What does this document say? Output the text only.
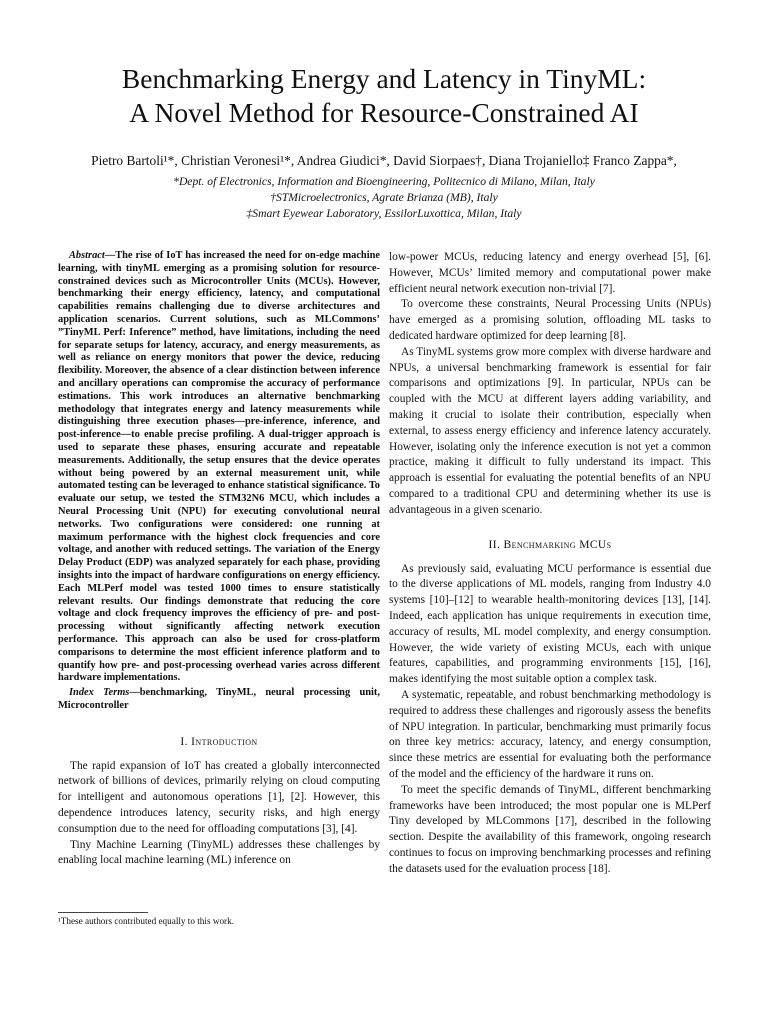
Benchmarking Energy and Latency in TinyML:
A Novel Method for Resource-Constrained AI

Pietro Bartoli¹*, Christian Veronesi¹*, Andrea Giudici*, David Siorpaes†, Diana Trojaniello‡ Franco Zappa*,

*Dept. of Electronics, Information and Bioengineering, Politecnico di Milano, Milan, Italy
†STMicroelectronics, Agrate Brianza (MB), Italy
‡Smart Eyewear Laboratory, EssilorLuxottica, Milan, Italy

Abstract—The rise of IoT has increased the need for on-edge machine learning, with tinyML emerging as a promising solution for resource-constrained devices such as Microcontroller Units (MCUs). However, benchmarking their energy efficiency, latency, and computational capabilities remains challenging due to diverse architectures and application scenarios. Current solutions, such as MLCommons’ ”TinyML Perf: Inference” method, have limitations, including the need for separate setups for latency, accuracy, and energy measurements, as well as reliance on energy monitors that power the device, reducing flexibility. Moreover, the absence of a clear distinction between inference and ancillary operations can compromise the accuracy of performance estimations. This work introduces an alternative benchmarking methodology that integrates energy and latency measurements while distinguishing three execution phases—pre-inference, inference, and post-inference—to enable precise profiling. A dual-trigger approach is used to separate these phases, ensuring accurate and repeatable measurements. Additionally, the setup ensures that the device operates without being powered by an external measurement unit, while automated testing can be leveraged to enhance statistical significance. To evaluate our setup, we tested the STM32N6 MCU, which includes a Neural Processing Unit (NPU) for executing convolutional neural networks. Two configurations were considered: one running at maximum performance with the highest clock frequencies and core voltage, and another with reduced settings. The variation of the Energy Delay Product (EDP) was analyzed separately for each phase, providing insights into the impact of hardware configurations on energy efficiency. Each MLPerf model was tested 1000 times to ensure statistically relevant results. Our findings demonstrate that reducing the core voltage and clock frequency improves the efficiency of pre- and post-processing without significantly affecting network execution performance. This approach can also be used for cross-platform comparisons to determine the most efficient inference platform and to quantify how pre- and post-processing overhead varies across different hardware implementations.

Index Terms—benchmarking, TinyML, neural processing unit, Microcontroller

I. Introduction

The rapid expansion of IoT has created a globally interconnected network of billions of devices, primarily relying on cloud computing for intelligent and autonomous operations [1], [2]. However, this dependence introduces latency, security risks, and high energy consumption due to the need for offloading computations [3], [4].

Tiny Machine Learning (TinyML) addresses these challenges by enabling local machine learning (ML) inference on

low-power MCUs, reducing latency and energy overhead [5], [6]. However, MCUs’ limited memory and computational power make efficient neural network execution non-trivial [7].

To overcome these constraints, Neural Processing Units (NPUs) have emerged as a promising solution, offloading ML tasks to dedicated hardware optimized for deep learning [8].

As TinyML systems grow more complex with diverse hardware and NPUs, a universal benchmarking framework is essential for fair comparisons and optimizations [9]. In particular, NPUs can be coupled with the MCU at different layers adding variability, and making it crucial to isolate their contribution, especially when external, to assess energy efficiency and inference latency accurately. However, isolating only the inference execution is not yet a common practice, making it difficult to fully understand its impact. This approach is essential for evaluating the potential benefits of an NPU compared to a traditional CPU and determining whether its use is advantageous in a given scenario.

II. Benchmarking MCUs

As previously said, evaluating MCU performance is essential due to the diverse applications of ML models, ranging from Industry 4.0 systems [10]–[12] to wearable health-monitoring devices [13], [14]. Indeed, each application has unique requirements in execution time, accuracy of results, ML model complexity, and energy consumption. However, the wide variety of existing MCUs, each with unique features, capabilities, and programming environments [15], [16], makes identifying the most suitable option a complex task.

A systematic, repeatable, and robust benchmarking methodology is required to address these challenges and rigorously assess the benefits of NPU integration. In particular, benchmarking must primarily focus on three key metrics: accuracy, latency, and energy consumption, since these metrics are essential for evaluating both the performance of the model and the efficiency of the hardware it runs on.

To meet the specific demands of TinyML, different benchmarking frameworks have been introduced; the most popular one is MLPerf Tiny developed by MLCommons [17], described in the following section. Despite the availability of this framework, ongoing research continues to focus on improving benchmarking processes and refining the datasets used for the evaluation process [18].

¹These authors contributed equally to this work.
